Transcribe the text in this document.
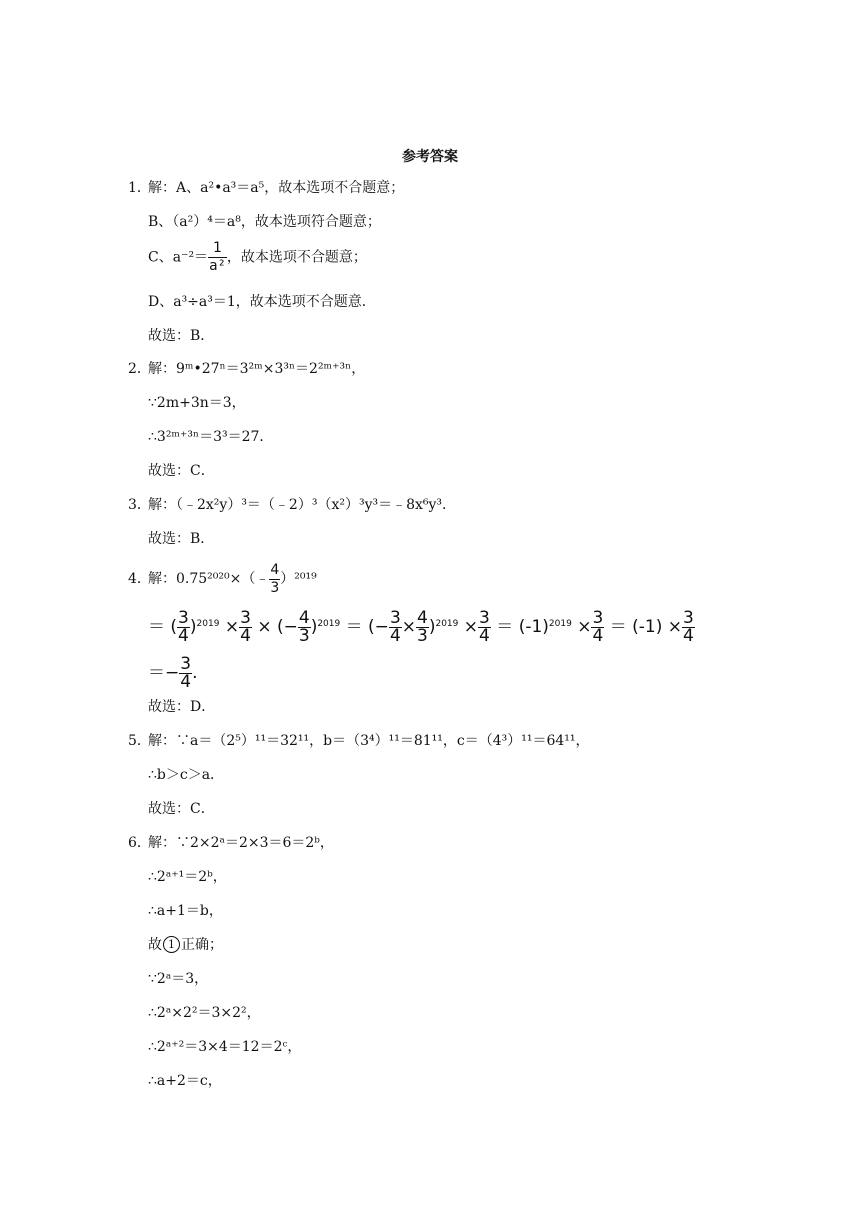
参考答案
1．解：A、a²•a³＝a⁵，故本选项不合题意；
B、（a²）⁴＝a⁸，故本选项符合题意；
C、$a^{-2}= \frac{1}{\text{a²}}$ ，故本选项不合题意；
D、a³÷a³＝1，故本选项不合题意．
故选：B．
2．解：9ᵐ•27ⁿ＝3²ᵐ×3³ⁿ＝2²ᵐ⁺³ⁿ，
∵2m+3n＝3，
∴3²ᵐ⁺³ⁿ＝3³＝27．
故选：C．
3．解：（﹣2x²y）³＝（﹣2）³（x²）³y³＝﹣8x⁶y³．
故选：B．
4．解：0.75²⁰²⁰×（﹣ $\frac{4}{3} )^{2019}$
＝ ( $\frac{3}{4} )^{2019} \times \frac{3}{4}$ × (− $\frac{4}{3} )^{2019}$ ＝ (− $\frac{3}{4} \times \frac{4}{3} )^{2019} \times \frac{3}{4} = (-1)^{2019} \times \frac{3}{4} = (-1) \times \frac{3}{4}$
＝− $\frac{3}{4}$ .
故选：D．
5．解：∵a＝（2⁵）¹¹＝32¹¹，b＝（3⁴）¹¹＝81¹¹，c＝（4³）¹¹＝64¹¹，
∴b＞c＞a．
故选：C．
6．解：∵2×2ᵃ＝2×3＝6＝2ᵇ，
∴2ᵃ⁺¹＝2ᵇ，
∴a+1＝b，
故 1 正确；
∵2ᵃ＝3，
∴2ᵃ×2²＝3×2²，
∴2ᵃ⁺²＝3×4＝12＝2ᶜ，
∴a+2＝c，
